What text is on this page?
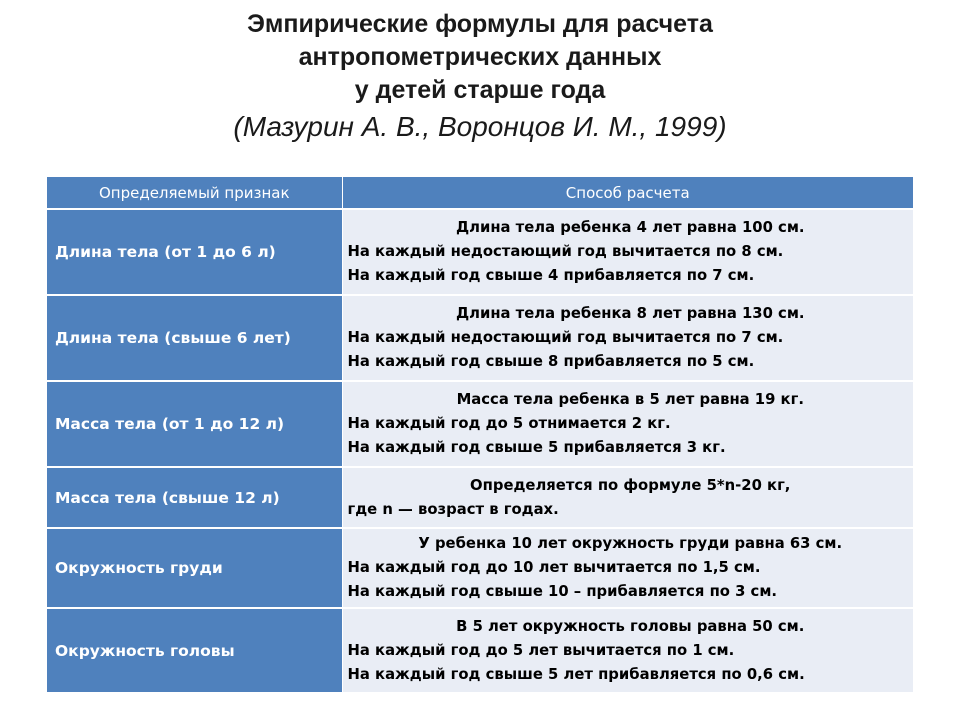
Эмпирические формулы для расчета
антропометрических данных
у детей старше года
(Мазурин А. В., Воронцов И. М., 1999)
Определяемый признак	Способ расчета
Длина тела (от 1 до 6 л)	Длина тела ребенка 4 лет равна 100 см.
На каждый недостающий год вычитается по 8 см.
На каждый год свыше 4 прибавляется по 7 см.

Длина тела (свыше 6 лет)	Длина тела ребенка 8 лет равна 130 см.
На каждый недостающий год вычитается по 7 см.
На каждый год свыше 8 прибавляется по 5 см.

Масса тела (от 1 до 12 л)	Масса тела ребенка в 5 лет равна 19 кг.
На каждый год до 5 отнимается 2 кг.
На каждый год свыше 5 прибавляется 3 кг.

Масса тела (свыше 12 л)	Определяется по формуле 5*n-20 кг,
где n — возраст в годах.

Окружность груди	У ребенка 10 лет окружность груди равна 63 см.
На каждый год до 10 лет вычитается по 1,5 см.
На каждый год свыше 10 – прибавляется по 3 см.

Окружность головы	В 5 лет окружность головы равна 50 см.
На каждый год до 5 лет вычитается по 1 см.
На каждый год свыше 5 лет прибавляется по 0,6 см.
